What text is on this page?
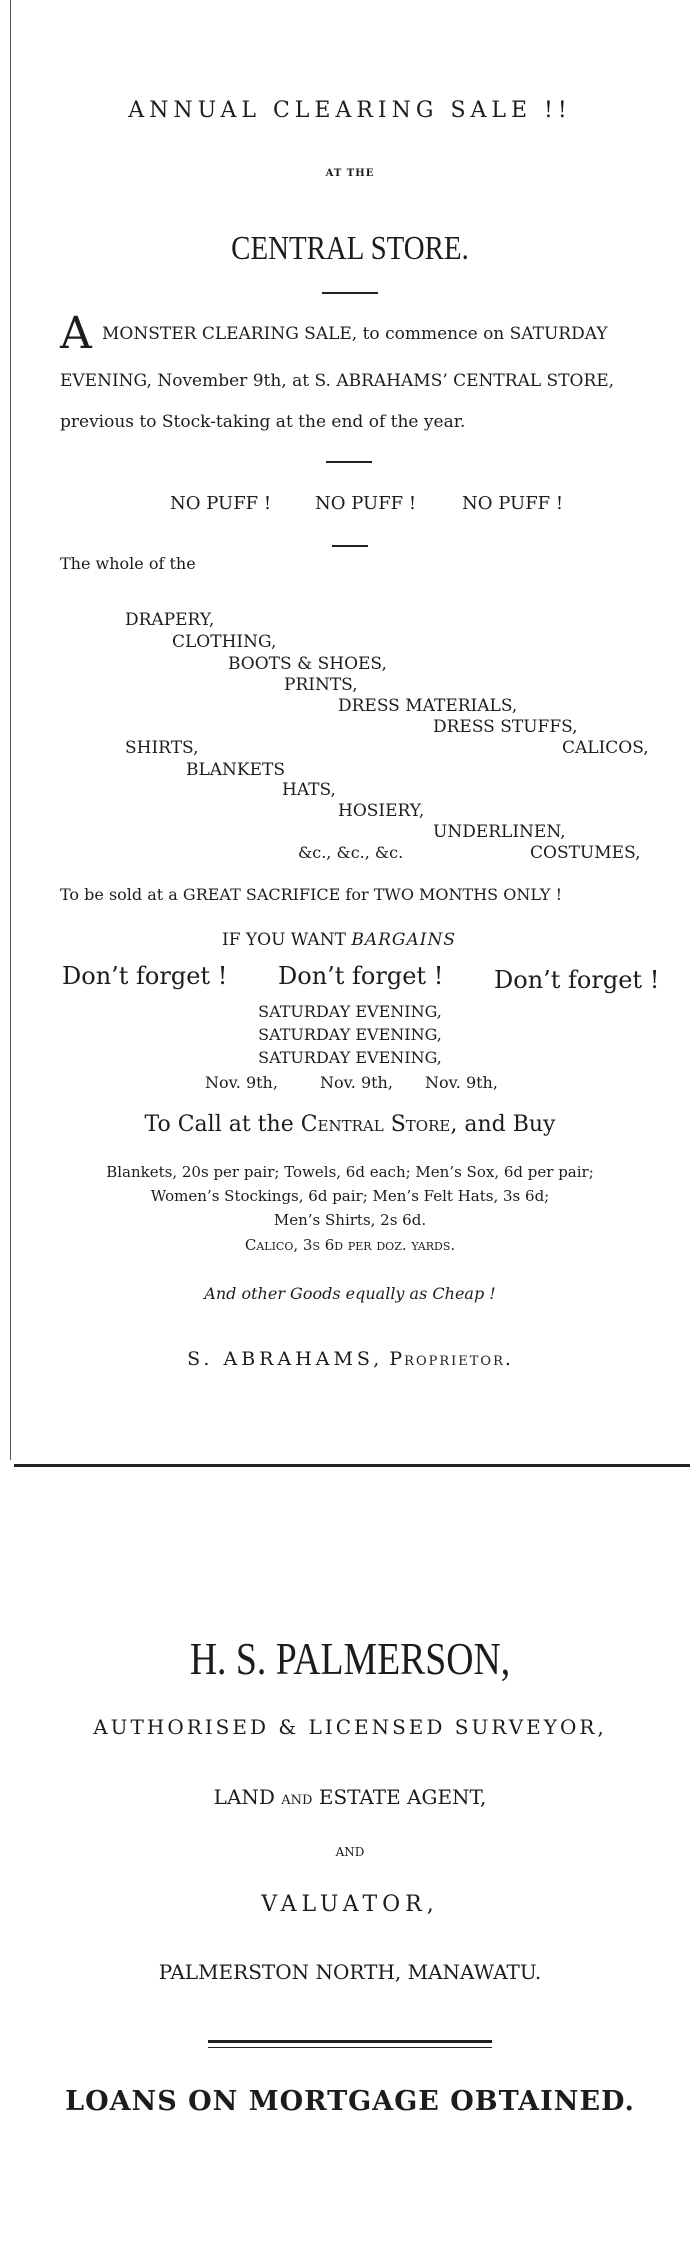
ANNUAL CLEARING SALE !!
AT THE
CENTRAL STORE.
A MONSTER CLEARING SALE, to commence on SATURDAY
EVENING, November 9th, at S. ABRAHAMS’ CENTRAL STORE,
previous to Stock-taking at the end of the year.
NO PUFF ! NO PUFF !	NO PUFF !
The whole of the
DRAPERY,
CLOTHING,
BOOTS & SHOES,
PRINTS,
DRESS MATERIALS,
DRESS STUFFS,
SHIRTS,	CALICOS,
BLANKETS
HATS,
HOSIERY,
UNDERLINEN,
&c., &c., &c.	COSTUMES,
To be sold at a GREAT SACRIFICE for TWO MONTHS ONLY !
IF YOU WANT BARGAINS
Don’t forget ! Don’t forget ! Don’t forget !
SATURDAY EVENING,
SATURDAY EVENING,
SATURDAY EVENING,
Nov. 9th,	Nov. 9th, Nov. 9th,
To Call at the Central Store, and Buy
Blankets, 20s per pair; Towels, 6d each; Men’s Sox, 6d per pair;
Women’s Stockings, 6d pair; Men’s Felt Hats, 3s 6d;
Men’s Shirts, 2s 6d.
Calico, 3s 6d per doz. yards.
And other Goods equally as Cheap !
S. ABRAHAMS, Proprietor.
H. S. PALMERSON,
AUTHORISED & LICENSED SURVEYOR,
LAND AND ESTATE AGENT,
AND
VALUATOR,
PALMERSTON NORTH, MANAWATU.
LOANS ON MORTGAGE OBTAINED.
